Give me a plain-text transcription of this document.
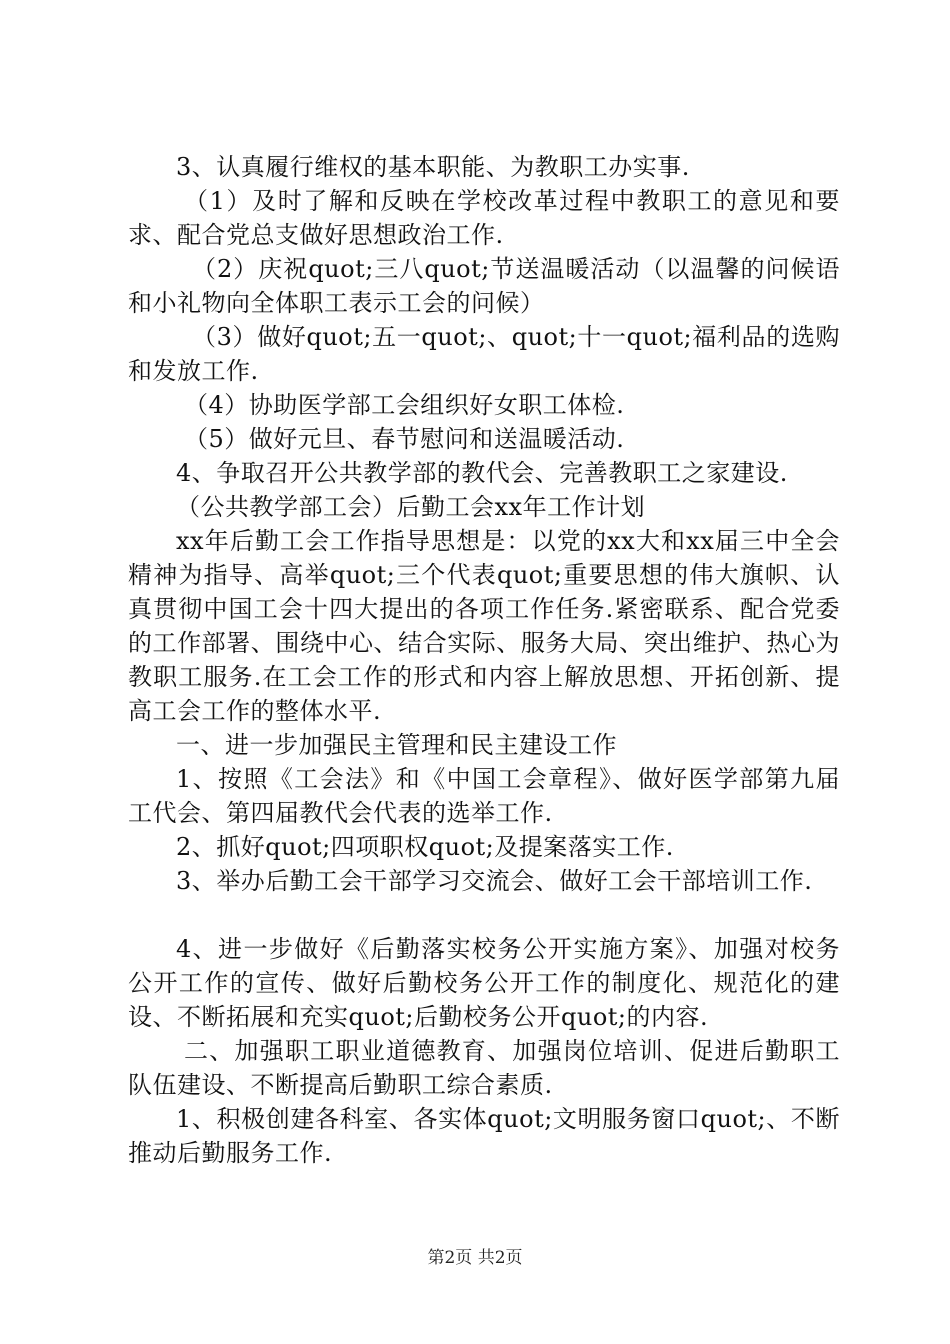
3、认真履行维权的基本职能、为教职工办实事.

（1）及时了解和反映在学校改革过程中教职工的意见和要求、配合党总支做好思想政治工作.

（2）庆祝quot;三八quot;节送温暖活动（以温馨的问候语和小礼物向全体职工表示工会的问候）

（3）做好quot;五一quot;、quot;十一quot;福利品的选购和发放工作.

（4）协助医学部工会组织好女职工体检.

（5）做好元旦、春节慰问和送温暖活动.

4、争取召开公共教学部的教代会、完善教职工之家建设.

（公共教学部工会）后勤工会xx年工作计划

xx年后勤工会工作指导思想是：以党的xx大和xx届三中全会精神为指导、高举quot;三个代表quot;重要思想的伟大旗帜、认真贯彻中国工会十四大提出的各项工作任务.紧密联系、配合党委的工作部署、围绕中心、结合实际、服务大局、突出维护、热心为教职工服务.在工会工作的形式和内容上解放思想、开拓创新、提高工会工作的整体水平.

一、进一步加强民主管理和民主建设工作

1、按照《工会法》和《中国工会章程》、做好医学部第九届工代会、第四届教代会代表的选举工作.

2、抓好quot;四项职权quot;及提案落实工作.

3、举办后勤工会干部学习交流会、做好工会干部培训工作.

4、进一步做好《后勤落实校务公开实施方案》、加强对校务公开工作的宣传、做好后勤校务公开工作的制度化、规范化的建设、不断拓展和充实quot;后勤校务公开quot;的内容.

二、加强职工职业道德教育、加强岗位培训、促进后勤职工队伍建设、不断提高后勤职工综合素质.

1、积极创建各科室、各实体quot;文明服务窗口quot;、不断推动后勤服务工作.

第2页 共2页
